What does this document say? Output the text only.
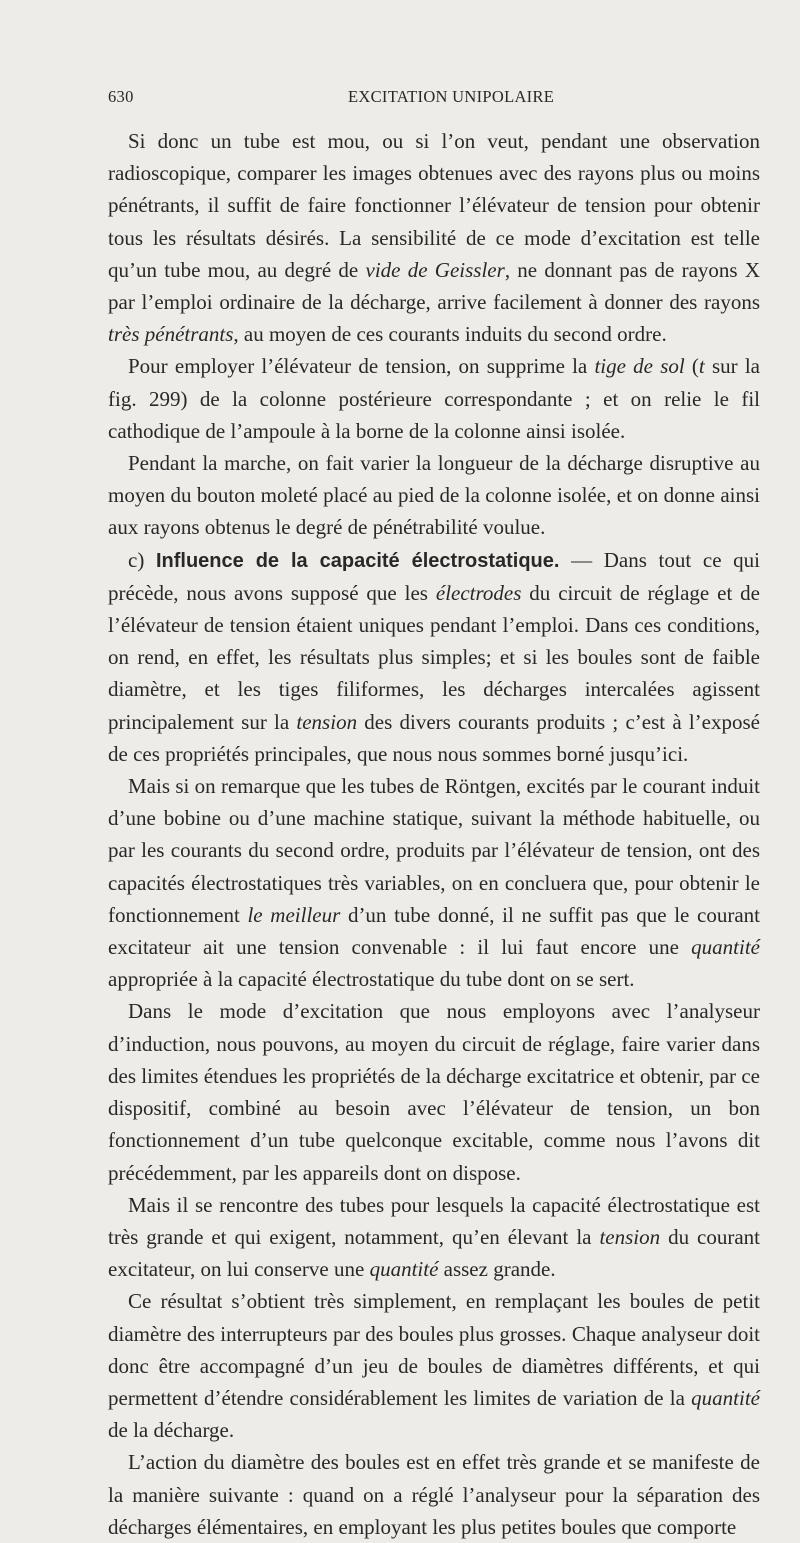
630	EXCITATION UNIPOLAIRE

Si donc un tube est mou, ou si l’on veut, pendant une observation radioscopique, comparer les images obtenues avec des rayons plus ou moins pénétrants, il suffit de faire fonctionner l’élévateur de tension pour obtenir tous les résultats désirés. La sensibilité de ce mode d’excitation est telle qu’un tube mou, au degré de vide de Geissler, ne donnant pas de rayons X par l’emploi ordinaire de la décharge, arrive facilement à donner des rayons très pénétrants, au moyen de ces courants induits du second ordre.

Pour employer l’élévateur de tension, on supprime la tige de sol (t sur la fig. 299) de la colonne postérieure correspondante ; et on relie le fil cathodique de l’ampoule à la borne de la colonne ainsi isolée.

Pendant la marche, on fait varier la longueur de la décharge disruptive au moyen du bouton moleté placé au pied de la colonne isolée, et on donne ainsi aux rayons obtenus le degré de pénétrabilité voulue.

c) Influence de la capacité électrostatique. — Dans tout ce qui précède, nous avons supposé que les électrodes du circuit de réglage et de l’élévateur de tension étaient uniques pendant l’emploi. Dans ces conditions, on rend, en effet, les résultats plus simples; et si les boules sont de faible diamètre, et les tiges filiformes, les décharges intercalées agissent principalement sur la tension des divers courants produits ; c’est à l’exposé de ces propriétés principales, que nous nous sommes borné jusqu’ici.

Mais si on remarque que les tubes de Röntgen, excités par le courant induit d’une bobine ou d’une machine statique, suivant la méthode habituelle, ou par les courants du second ordre, produits par l’élévateur de tension, ont des capacités électrostatiques très variables, on en concluera que, pour obtenir le fonctionnement le meilleur d’un tube donné, il ne suffit pas que le courant excitateur ait une tension convenable : il lui faut encore une quantité appropriée à la capacité électrostatique du tube dont on se sert.

Dans le mode d’excitation que nous employons avec l’analyseur d’induction, nous pouvons, au moyen du circuit de réglage, faire varier dans des limites étendues les propriétés de la décharge excitatrice et obtenir, par ce dispositif, combiné au besoin avec l’élévateur de tension, un bon fonctionnement d’un tube quelconque excitable, comme nous l’avons dit précédemment, par les appareils dont on dispose.

Mais il se rencontre des tubes pour lesquels la capacité électrostatique est très grande et qui exigent, notamment, qu’en élevant la tension du courant excitateur, on lui conserve une quantité assez grande.

Ce résultat s’obtient très simplement, en remplaçant les boules de petit diamètre des interrupteurs par des boules plus grosses. Chaque analyseur doit donc être accompagné d’un jeu de boules de diamètres différents, et qui permettent d’étendre considérablement les limites de variation de la quantité de la décharge.

L’action du diamètre des boules est en effet très grande et se manifeste de la manière suivante : quand on a réglé l’analyseur pour la séparation des décharges élémentaires, en employant les plus petites boules que comporte
